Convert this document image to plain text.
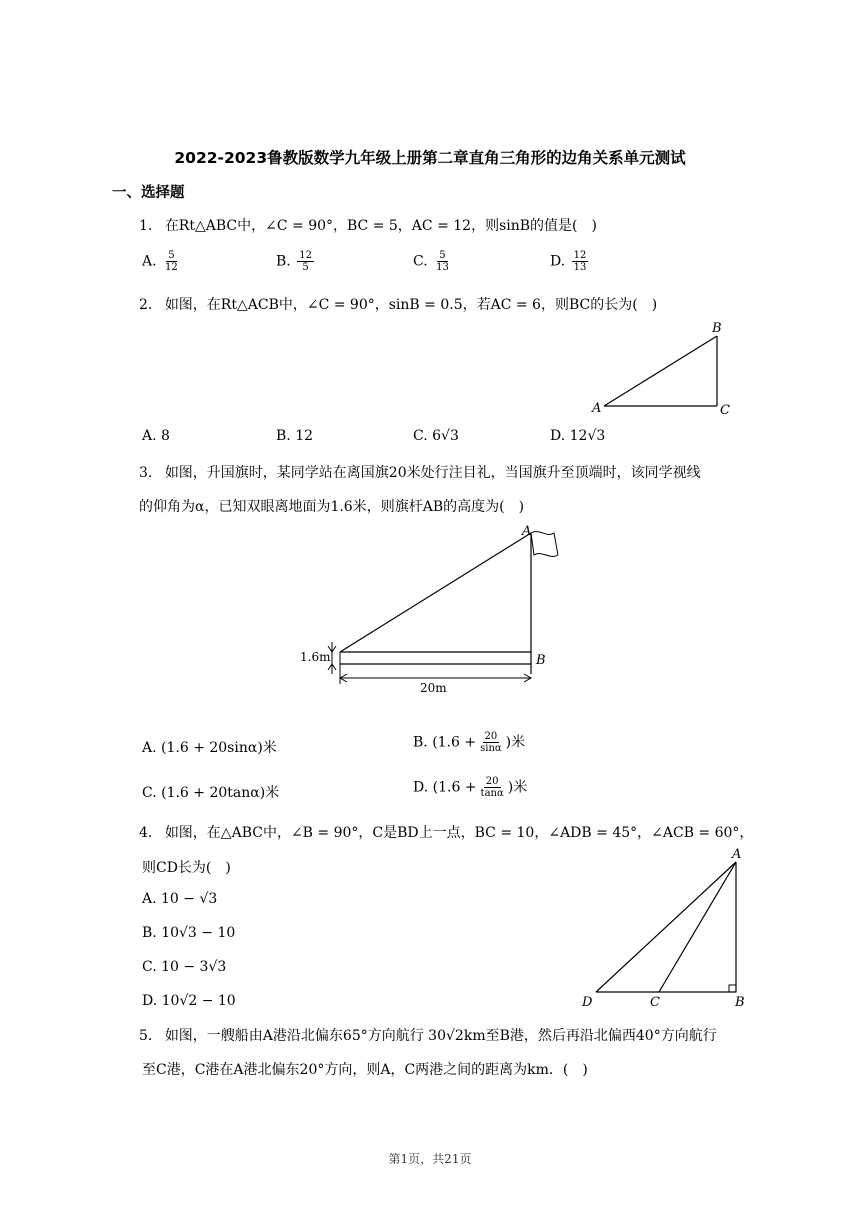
2022-2023鲁教版数学九年级上册第二章直角三角形的边角关系单元测试
一、选择题
1. 在Rt△ABC中，∠C = 90°，BC = 5，AC = 12，则sinB的值是(　)
A. $\frac{5}{12}$	B. $\frac{12}{5}$	C. $\frac{5}{13}$	D. $\frac{12}{13}$
2. 如图，在Rt△ACB中，∠C = 90°，sinB = 0.5，若AC = 6，则BC的长为(　)
A
B
C
A. 8	B. 12	C. 6√3	D. 12√3
3. 如图，升国旗时，某同学站在离国旗20米处行注目礼，当国旗升至顶端时，该同学视线
的仰角为α，已知双眼离地面为1.6米，则旗杆AB的高度为(　)
1.6m
20m
A
B
A. (1.6 + 20sinα)米	B. ($1.6 + \frac{20}{\sin\alpha}$ )米
C. (1.6 + 20tanα)米	D. ($1.6 + \frac{20}{\tan\alpha}$ )米
4. 如图，在△ABC中，∠B = 90°，C是BD上一点，BC = 10，∠ADB = 45°，∠ACB = 60°，
则CD长为(　)
A. 10 − √3
B. 10√3 − 10
C. 10 − 3√3
D. 10√2 − 10
A
B
C
D
5. 如图，一艘船由A港沿北偏东65°方向航行 30√2km至B港，然后再沿北偏西40°方向航行
至C港，C港在A港北偏东20°方向，则A，C两港之间的距离为km．(　)
第1页，共21页
